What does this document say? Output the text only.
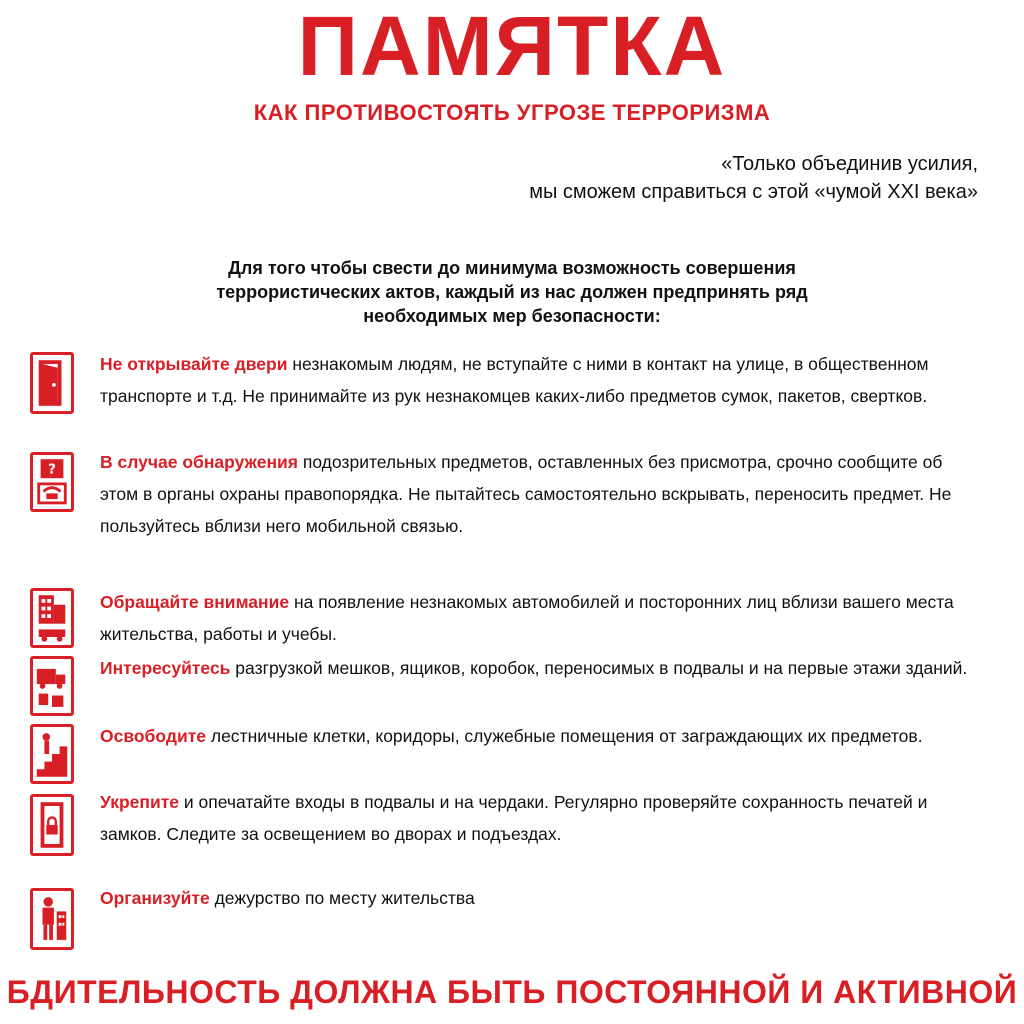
ПАМЯТКА
КАК ПРОТИВОСТОЯТЬ УГРОЗЕ ТЕРРОРИЗМА
«Только объединив усилия,
мы сможем справиться с этой «чумой XXI века»
Для того чтобы свести до минимума возможность совершения
террористических актов, каждый из нас должен предпринять ряд
необходимых мер безопасности:
Не открывайте двери незнакомым людям, не вступайте с ними в контакт на улице, в общественном транспорте и т.д. Не принимайте из рук незнакомцев каких-либо предметов сумок, пакетов, свертков.
?	В случае обнаружения подозрительных предметов, оставленных без присмотра, срочно сообщите об этом в органы охраны правопорядка. Не пытайтесь самостоятельно вскрывать, переносить предмет. Не пользуйтесь вблизи него мобильной связью.
Обращайте внимание на появление незнакомых автомобилей и посторонних лиц вблизи вашего места жительства, работы и учебы.
Интересуйтесь разгрузкой мешков, ящиков, коробок, переносимых в подвалы и на первые этажи зданий.
Освободите лестничные клетки, коридоры, служебные помещения от заграждающих их предметов.
Укрепите и опечатайте входы в подвалы и на чердаки. Регулярно проверяйте сохранность печатей и замков. Следите за освещением во дворах и подъездах.
Организуйте дежурство по месту жительства
БДИТЕЛЬНОСТЬ ДОЛЖНА БЫТЬ ПОСТОЯННОЙ И АКТИВНОЙ
